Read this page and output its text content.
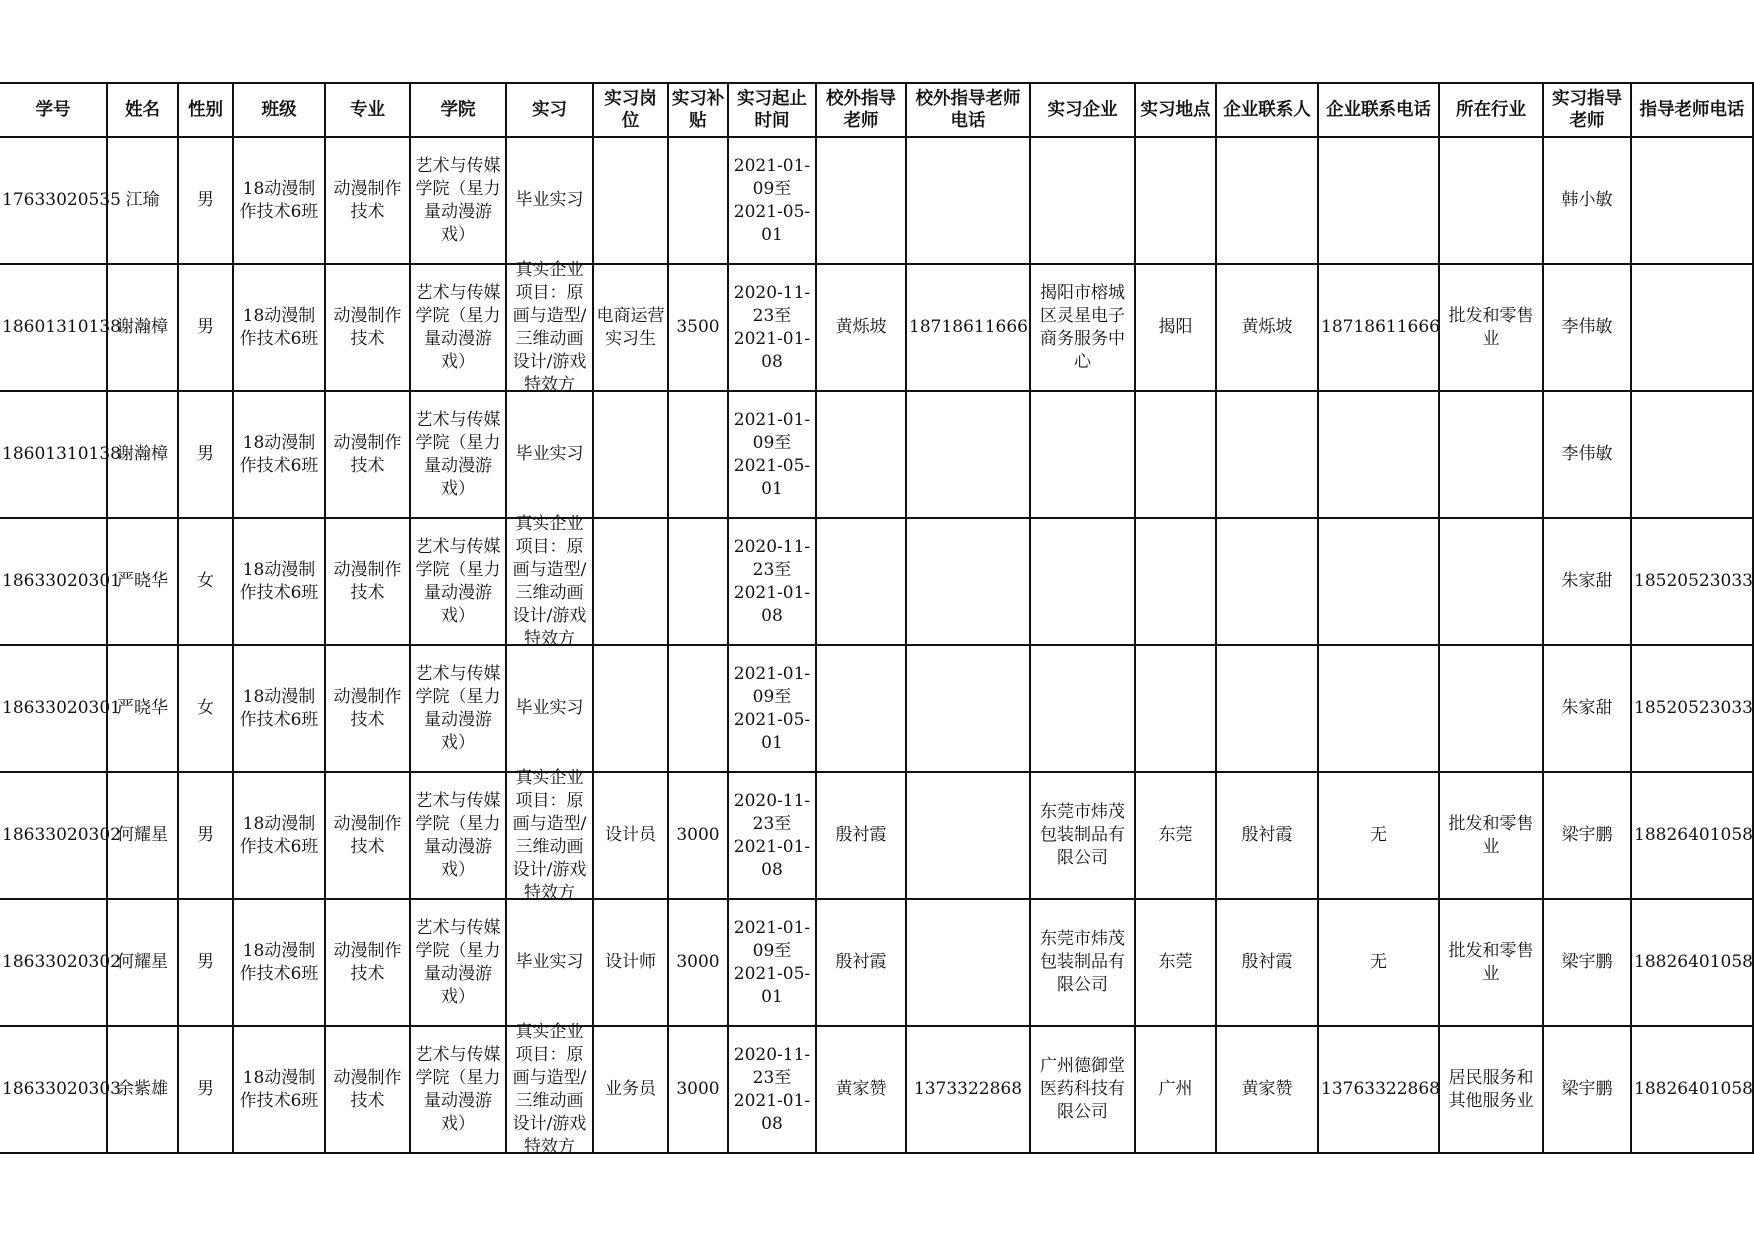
学号	姓名	性别	班级	专业	学院	实习	实习岗位	实习补贴	实习起止时间	校外指导老师	校外指导老师电话	实习企业	实习地点	企业联系人	企业联系电话	所在行业	实习指导老师	指导老师电话

17633020535	江瑜	男	18动漫制作技术6班	动漫制作技术	艺术与传媒学院（星力量动漫游戏）	毕业实习			2021-01-09至2021-05-01								韩小敏	

18601310138	谢瀚樟	男	18动漫制作技术6班	动漫制作技术	艺术与传媒学院（星力量动漫游戏）	真实企业项目：原画与造型/三维动画设计/游戏特效方	电商运营实习生	3500	2020-11-23至2021-01-08	黄烁坡	18718611666	揭阳市榕城区灵星电子商务服务中心	揭阳	黄烁坡	18718611666	批发和零售业	李伟敏	

18601310138	谢瀚樟	男	18动漫制作技术6班	动漫制作技术	艺术与传媒学院（星力量动漫游戏）	毕业实习			2021-01-09至2021-05-01								李伟敏	

18633020301	严晓华	女	18动漫制作技术6班	动漫制作技术	艺术与传媒学院（星力量动漫游戏）	真实企业项目：原画与造型/三维动画设计/游戏特效方			2020-11-23至2021-01-08								朱家甜	18520523033

18633020301	严晓华	女	18动漫制作技术6班	动漫制作技术	艺术与传媒学院（星力量动漫游戏）	毕业实习			2021-01-09至2021-05-01								朱家甜	18520523033

18633020302	何耀星	男	18动漫制作技术6班	动漫制作技术	艺术与传媒学院（星力量动漫游戏）	真实企业项目：原画与造型/三维动画设计/游戏特效方	设计员	3000	2020-11-23至2021-01-08	殷衬霞		东莞市炜茂包装制品有限公司	东莞	殷衬霞	无	批发和零售业	梁宇鹏	18826401058

18633020302	何耀星	男	18动漫制作技术6班	动漫制作技术	艺术与传媒学院（星力量动漫游戏）	毕业实习	设计师	3000	2021-01-09至2021-05-01	殷衬霞		东莞市炜茂包装制品有限公司	东莞	殷衬霞	无	批发和零售业	梁宇鹏	18826401058

18633020303	余紫雄	男	18动漫制作技术6班	动漫制作技术	艺术与传媒学院（星力量动漫游戏）	真实企业项目：原画与造型/三维动画设计/游戏特效方	业务员	3000	2020-11-23至2021-01-08	黄家赞	1373322868	广州德御堂医药科技有限公司	广州	黄家赞	13763322868	居民服务和其他服务业	梁宇鹏	18826401058
